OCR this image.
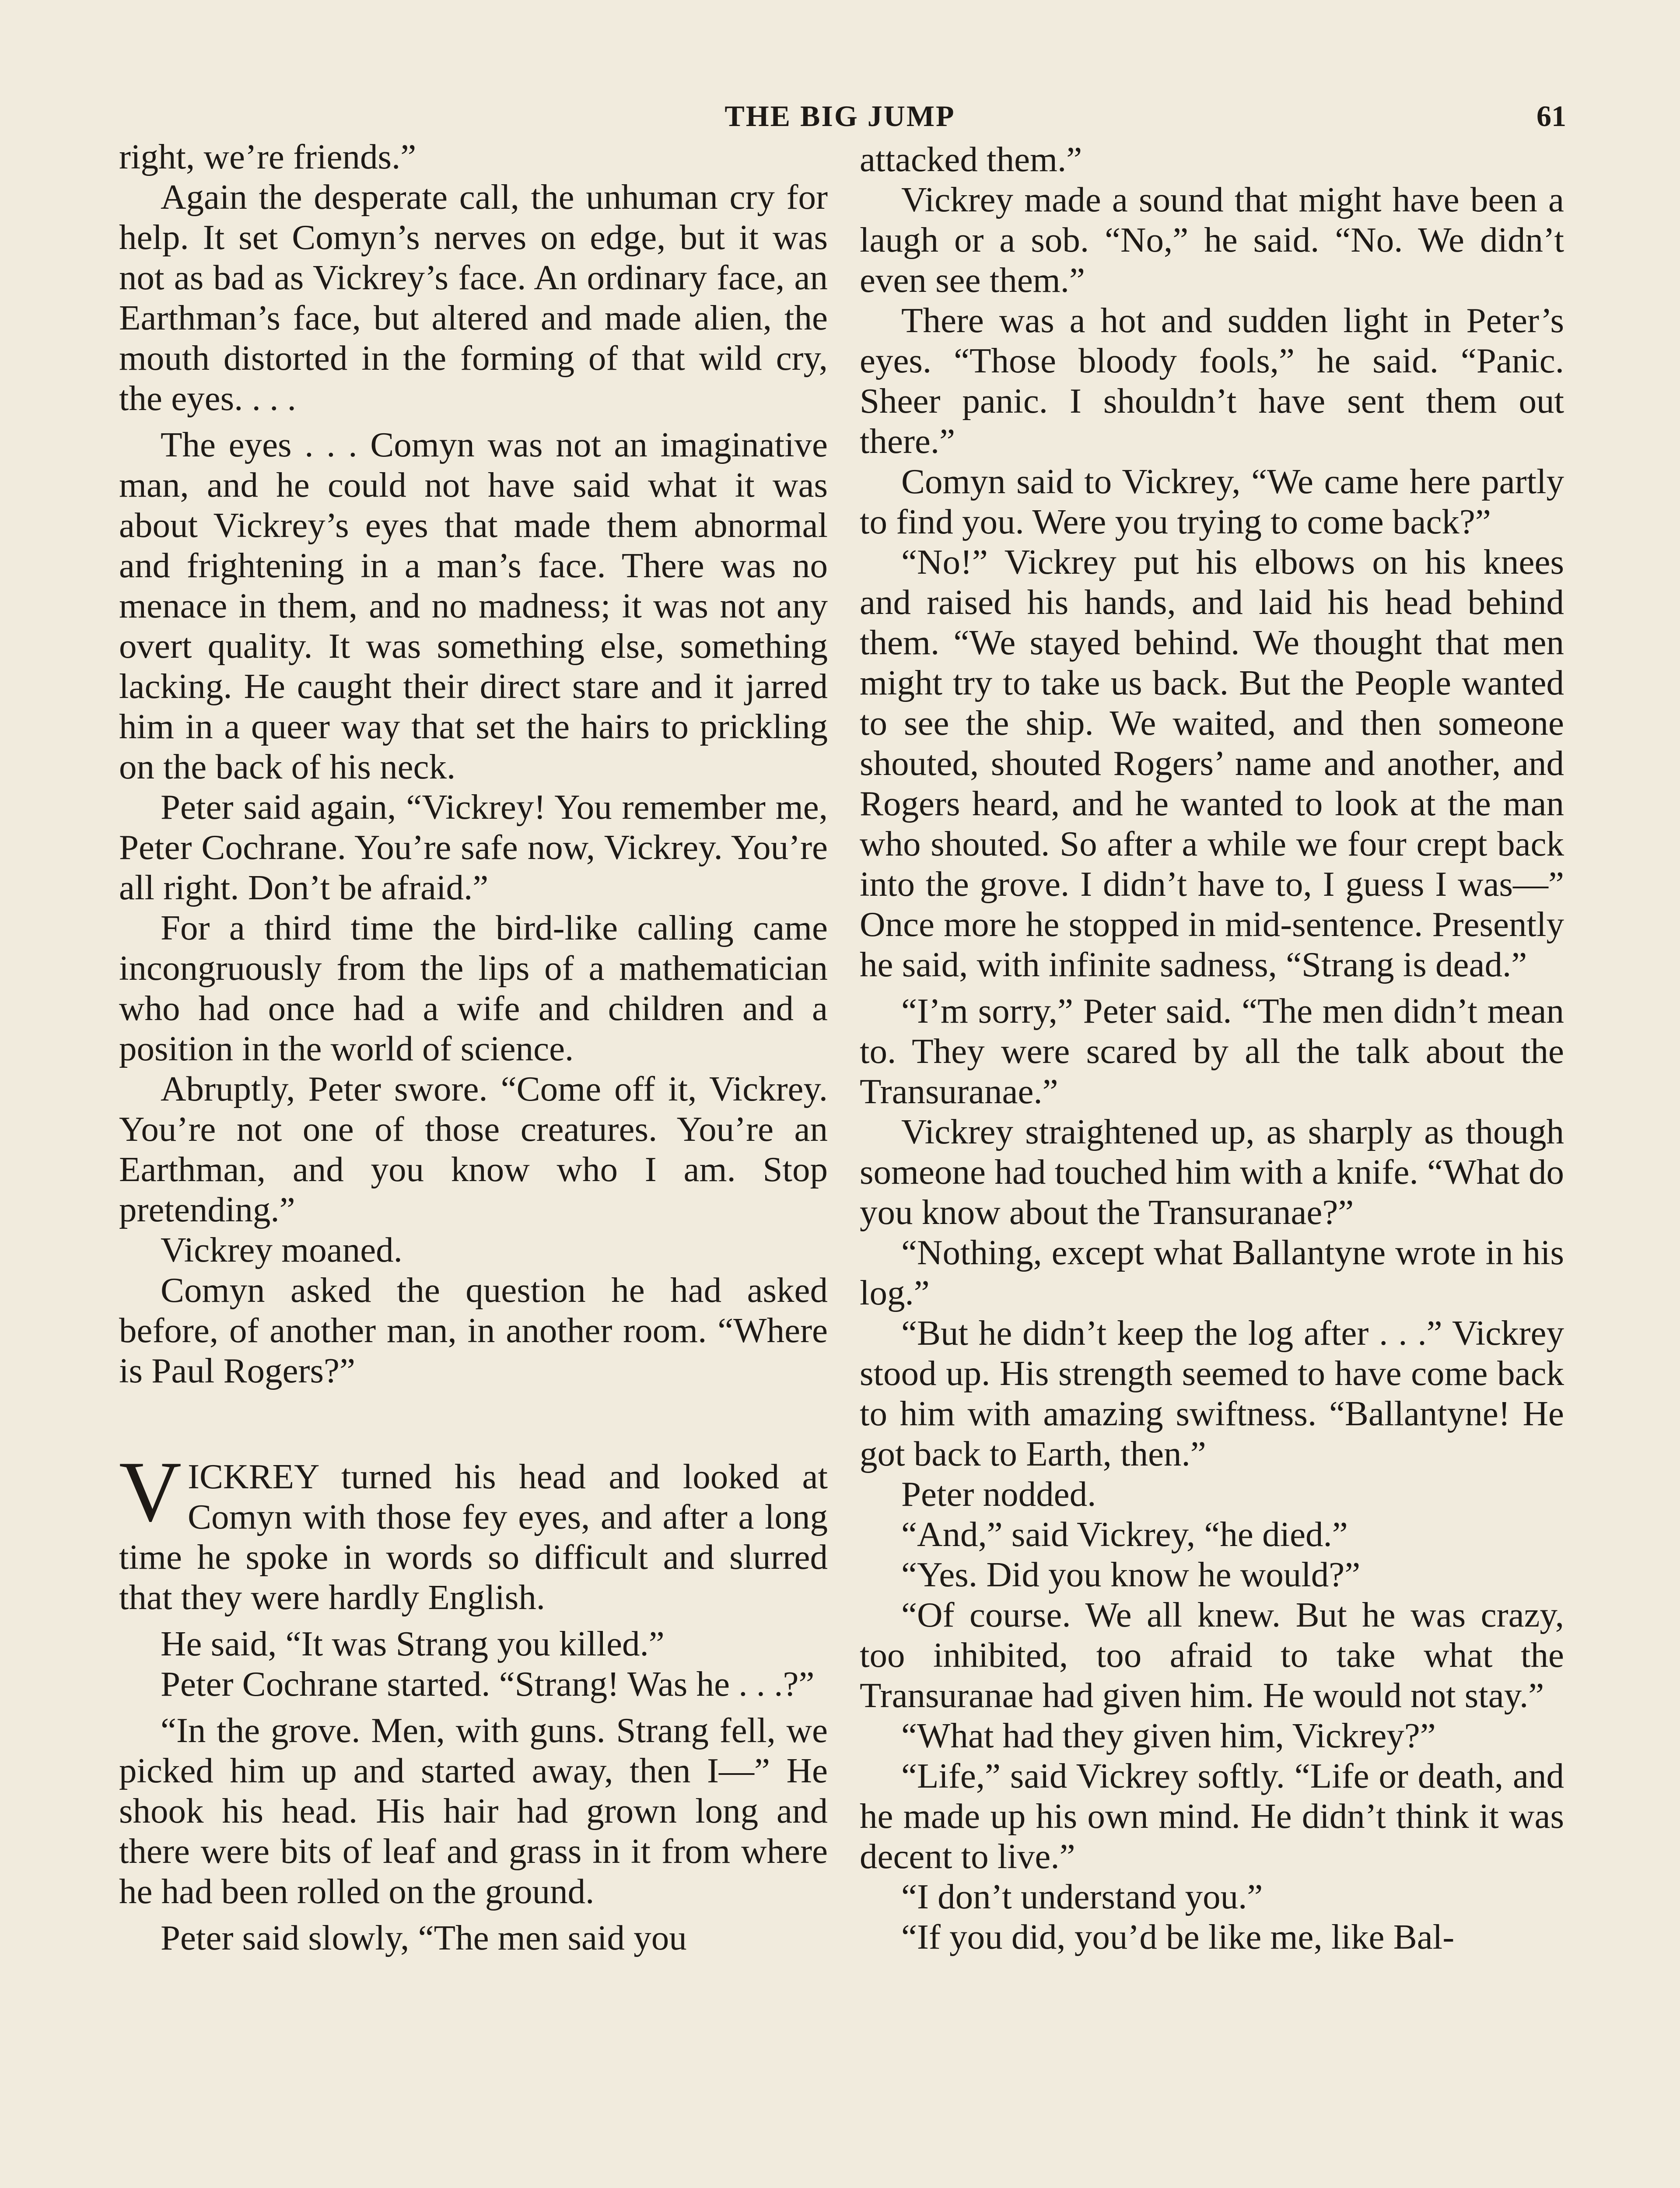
THE BIG JUMP	61

right, we’re friends.”

Again the desperate call, the unhuman cry for help. It set Comyn’s nerves on edge, but it was not as bad as Vickrey’s face. An ordinary face, an Earthman’s face, but altered and made alien, the mouth distorted in the forming of that wild cry, the eyes. . . .

The eyes . . . Comyn was not an imaginative man, and he could not have said what it was about Vickrey’s eyes that made them abnormal and frightening in a man’s face. There was no menace in them, and no madness; it was not any overt quality. It was something else, something lacking. He caught their direct stare and it jarred him in a queer way that set the hairs to prickling on the back of his neck.

Peter said again, “Vickrey! You remember me, Peter Cochrane. You’re safe now, Vickrey. You’re all right. Don’t be afraid.”

For a third time the bird-like calling came incongruously from the lips of a mathematician who had once had a wife and children and a position in the world of science.

Abruptly, Peter swore. “Come off it, Vickrey. You’re not one of those creatures. You’re an Earthman, and you know who I am. Stop pretending.”

Vickrey moaned.

Comyn asked the question he had asked before, of another man, in another room. “Where is Paul Rogers?”

VICKREY turned his head and looked at Comyn with those fey eyes, and after a long time he spoke in words so difficult and slurred that they were hardly English.

He said, “It was Strang you killed.”

Peter Cochrane started. “Strang! Was he . . .?”

“In the grove. Men, with guns. Strang fell, we picked him up and started away, then I—” He shook his head. His hair had grown long and there were bits of leaf and grass in it from where he had been rolled on the ground.

Peter said slowly, “The men said you

attacked them.”

Vickrey made a sound that might have been a laugh or a sob. “No,” he said. “No. We didn’t even see them.”

There was a hot and sudden light in Peter’s eyes. “Those bloody fools,” he said. “Panic. Sheer panic. I shouldn’t have sent them out there.”

Comyn said to Vickrey, “We came here partly to find you. Were you trying to come back?”

“No!” Vickrey put his elbows on his knees and raised his hands, and laid his head behind them. “We stayed behind. We thought that men might try to take us back. But the People wanted to see the ship. We waited, and then someone shouted, shouted Rogers’ name and another, and Rogers heard, and he wanted to look at the man who shouted. So after a while we four crept back into the grove. I didn’t have to, I guess I was—” Once more he stopped in mid-sentence. Presently he said, with infinite sadness, “Strang is dead.”

“I’m sorry,” Peter said. “The men didn’t mean to. They were scared by all the talk about the Transuranae.”

Vickrey straightened up, as sharply as though someone had touched him with a knife. “What do you know about the Transuranae?”

“Nothing, except what Ballantyne wrote in his log.”

“But he didn’t keep the log after . . .” Vickrey stood up. His strength seemed to have come back to him with amazing swiftness. “Ballantyne! He got back to Earth, then.”

Peter nodded.

“And,” said Vickrey, “he died.”

“Yes. Did you know he would?”

“Of course. We all knew. But he was crazy, too inhibited, too afraid to take what the Transuranae had given him. He would not stay.”

“What had they given him, Vickrey?”

“Life,” said Vickrey softly. “Life or death, and he made up his own mind. He didn’t think it was decent to live.”

“I don’t understand you.”

“If you did, you’d be like me, like Bal-
